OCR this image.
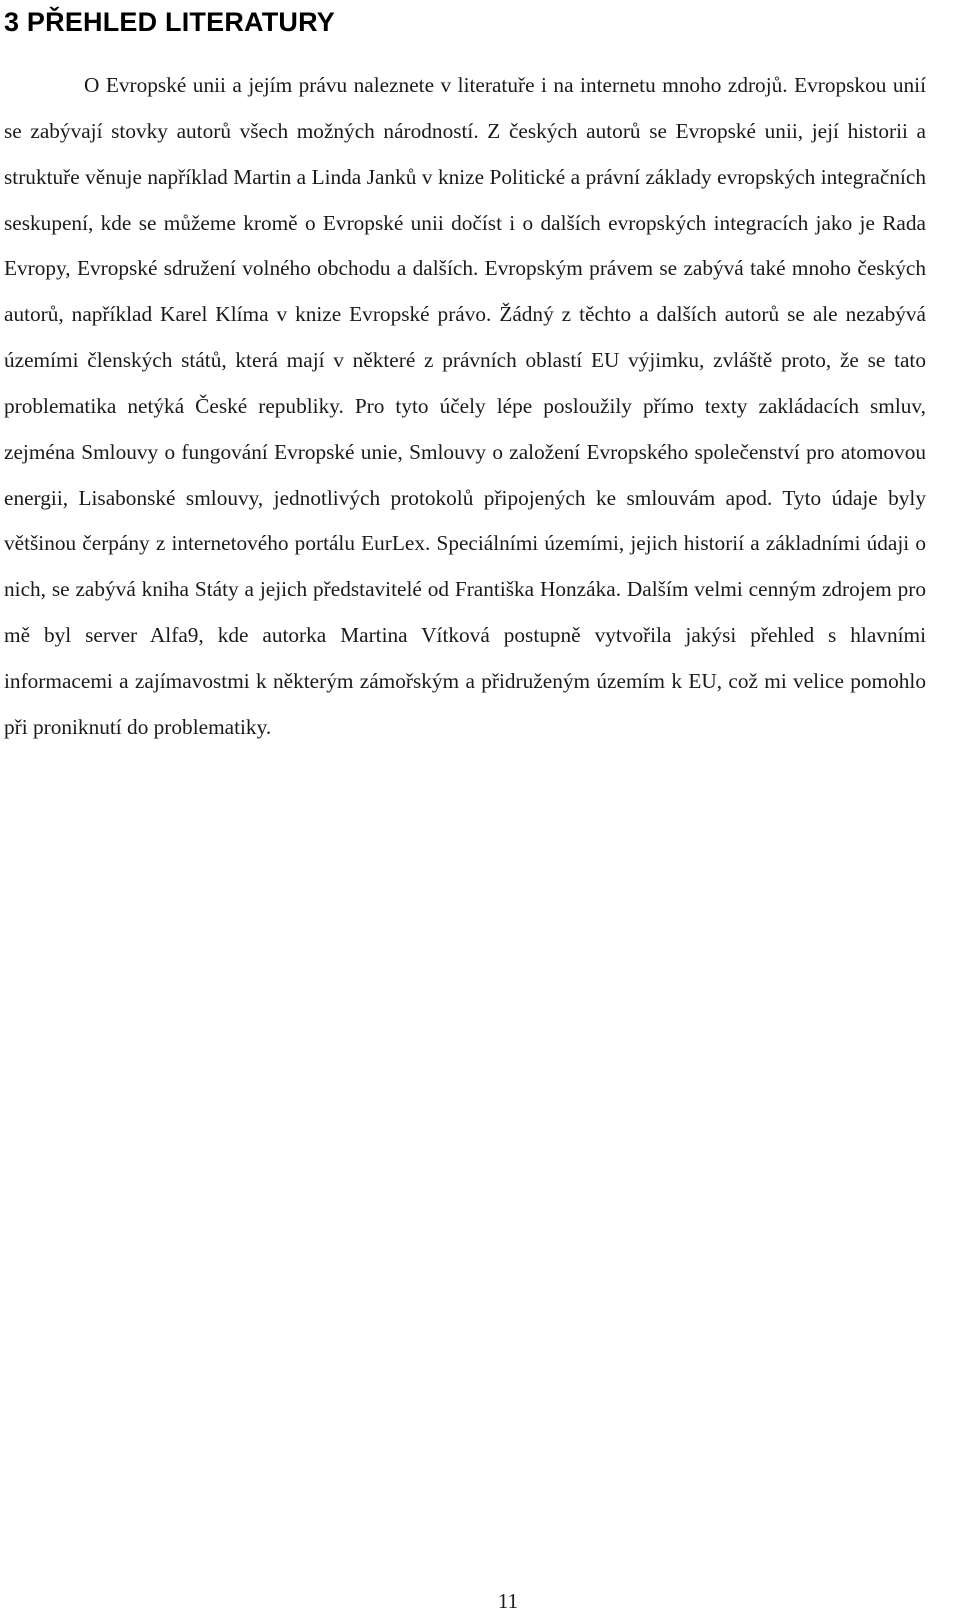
3 PŘEHLED LITERATURY

O Evropské unii a jejím právu naleznete v literatuře i na internetu mnoho zdrojů. Evropskou unií se zabývají stovky autorů všech možných národností. Z českých autorů se Evropské unii, její historii a struktuře věnuje například Martin a Linda Janků v knize Politické a právní základy evropských integračních seskupení, kde se můžeme kromě o Evropské unii dočíst i o dalších evropských integracích jako je Rada Evropy, Evropské sdružení volného obchodu a dalších. Evropským právem se zabývá také mnoho českých autorů, například Karel Klíma v knize Evropské právo. Žádný z těchto a dalších autorů se ale nezabývá územími členských států, která mají v některé z právních oblastí EU výjimku, zvláště proto, že se tato problematika netýká České republiky. Pro tyto účely lépe posloužily přímo texty zakládacích smluv, zejména Smlouvy o fungování Evropské unie, Smlouvy o založení Evropského společenství pro atomovou energii, Lisabonské smlouvy, jednotlivých protokolů připojených ke smlouvám apod. Tyto údaje byly většinou čerpány z internetového portálu EurLex. Speciálními územími, jejich historií a základními údaji o nich, se zabývá kniha Státy a jejich představitelé od Františka Honzáka. Dalším velmi cenným zdrojem pro mě byl server Alfa9, kde autorka Martina Vítková postupně vytvořila jakýsi přehled s hlavními informacemi a zajímavostmi k některým zámořským a přidruženým územím k EU, což mi velice pomohlo při proniknutí do problematiky.

11
